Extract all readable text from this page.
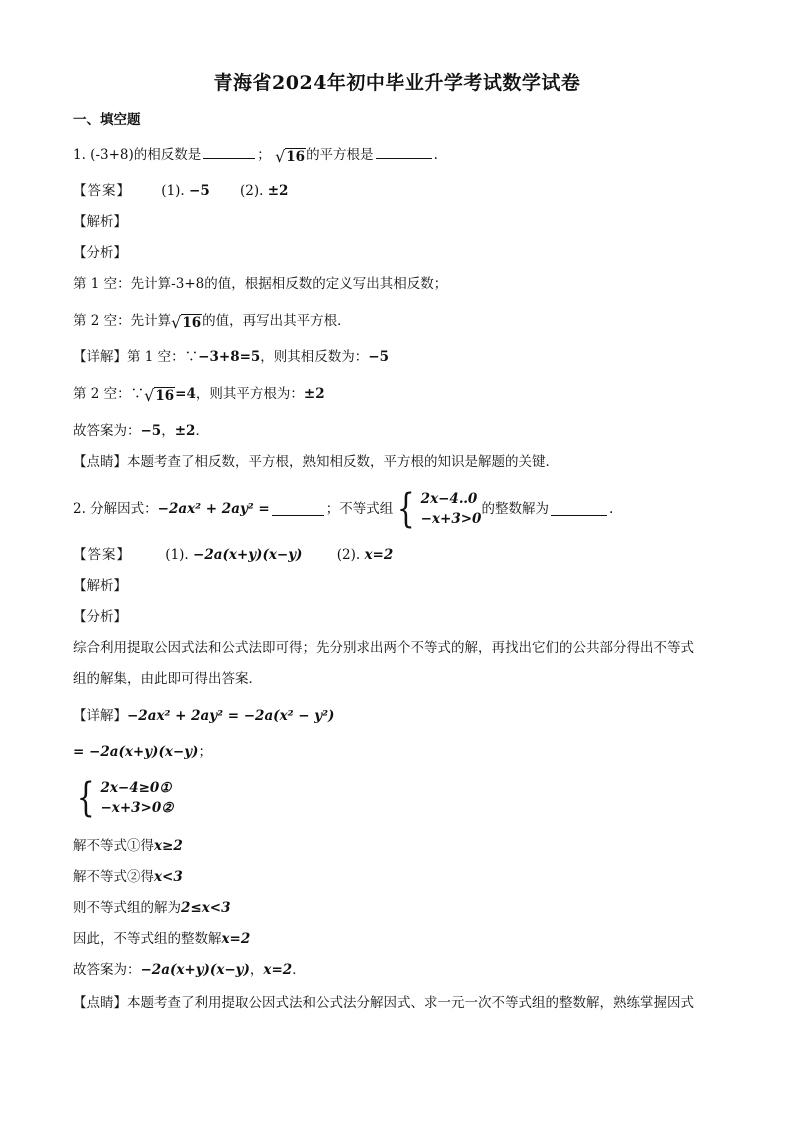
青海省2024年初中毕业升学考试数学试卷
一、填空题
1. (-3+8)的相反数是	； √ 16 的平方根是	.
【答案】 (1). −5 (2). ±2
【解析】
【分析】
第 1 空：先计算-3+8的值，根据相反数的定义写出其相反数；
第 2 空：先计算 √ 16 的值，再写出其平方根．
【详解】第 1 空：∵−3+8=5，则其相反数为：−5
第 2 空：∵ √ 16 =4，则其平方根为：±2
故答案为：−5，±2．
【点睛】本题考查了相反数，平方根，熟知相反数，平方根的知识是解题的关键．
2. 分解因式： −2ax² + 2ay² =	；不等式组 { 2x−4‥0
−x+3>0
的整数解为	.
【答案】	(1). −2a(x+y)(x−y)	(2). x=2
【解析】
【分析】
综合利用提取公因式法和公式法即可得；先分别求出两个不等式的解，再找出它们的公共部分得出不等式
组的解集，由此即可得出答案．
【详解】−2ax² + 2ay² = −2a(x² − y²)
= −2a(x+y)(x−y)；
{ 2x−4≥0①
−x+3>0②
解不等式①得x≥2
解不等式②得x<3
则不等式组的解为2≤x<3
因此，不等式组的整数解x=2
故答案为：−2a(x+y)(x−y)，x=2．
【点睛】本题考查了利用提取公因式法和公式法分解因式、求一元一次不等式组的整数解，熟练掌握因式
